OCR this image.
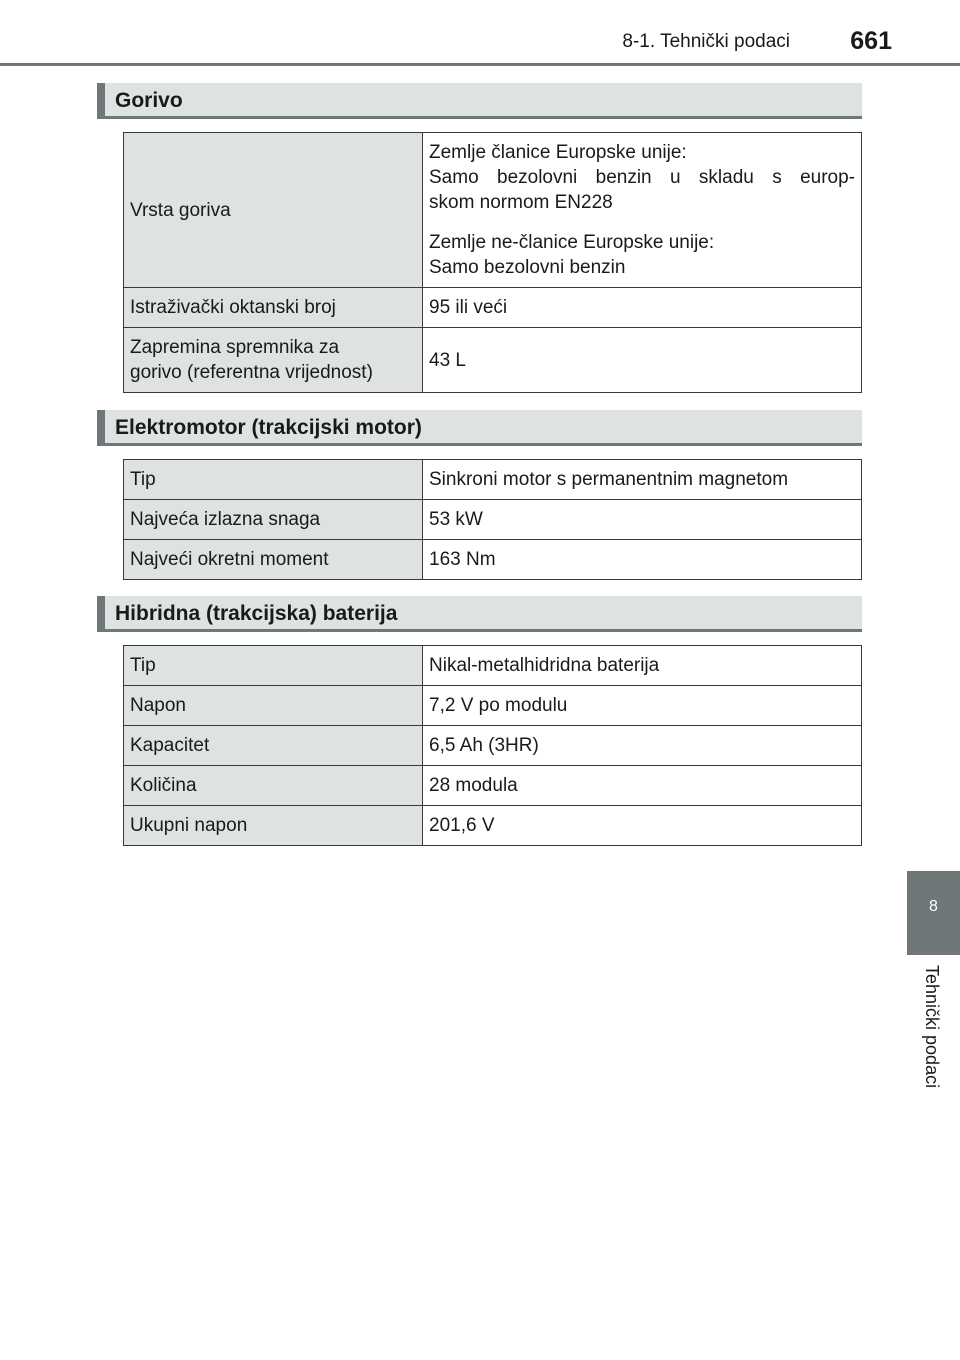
8-1. Tehnički podaci 661
8
Tehnički podaci
Gorivo
Vrsta goriva	Zemlje članice Europske unije:

Samo bezolovni benzin u skladu s europ-
skom normom EN228

Zemlje ne-članice Europske unije:
Samo bezolovni benzin

Istraživački oktanski broj	95 ili veći
Zapremina spremnika za
gorivo (referentna vrijednost)	43 L
Elektromotor (trakcijski motor)
Tip	Sinkroni motor s permanentnim magnetom
Najveća izlazna snaga	53 kW
Najveći okretni moment	163 Nm
Hibridna (trakcijska) baterija
Tip	Nikal-metalhidridna baterija
Napon	7,2 V po modulu
Kapacitet	6,5 Ah (3HR)
Količina	28 modula
Ukupni napon	201,6 V
